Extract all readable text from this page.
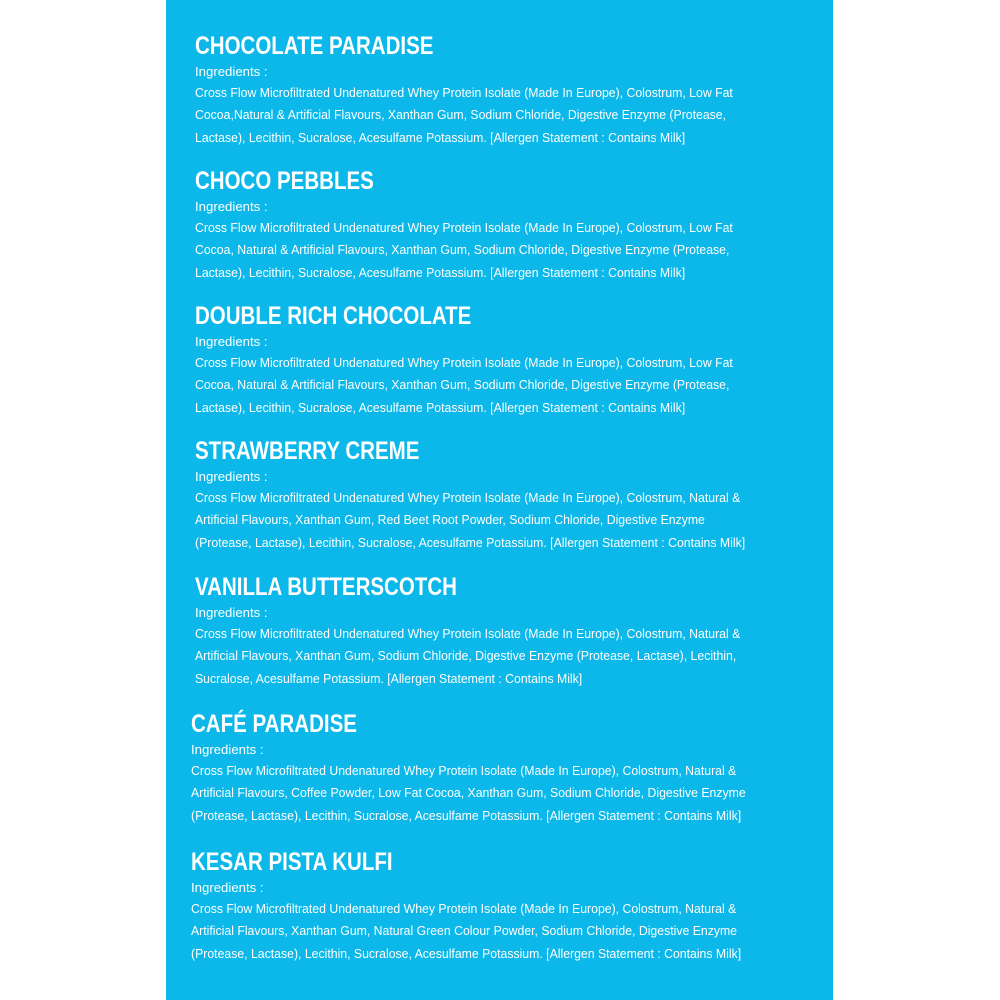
CHOCOLATE PARADISE
Ingredients :
Cross Flow Microfiltrated Undenatured Whey Protein Isolate (Made In Europe), Colostrum, Low Fat
Cocoa,Natural & Artificial Flavours, Xanthan Gum, Sodium Chloride, Digestive Enzyme (Protease,
Lactase), Lecithin, Sucralose, Acesulfame Potassium. [Allergen Statement : Contains Milk]
CHOCO PEBBLES
Ingredients :
Cross Flow Microfiltrated Undenatured Whey Protein Isolate (Made In Europe), Colostrum, Low Fat
Cocoa, Natural & Artificial Flavours, Xanthan Gum, Sodium Chloride, Digestive Enzyme (Protease,
Lactase), Lecithin, Sucralose, Acesulfame Potassium. [Allergen Statement : Contains Milk]
DOUBLE RICH CHOCOLATE
Ingredients :
Cross Flow Microfiltrated Undenatured Whey Protein Isolate (Made In Europe), Colostrum, Low Fat
Cocoa, Natural & Artificial Flavours, Xanthan Gum, Sodium Chloride, Digestive Enzyme (Protease,
Lactase), Lecithin, Sucralose, Acesulfame Potassium. [Allergen Statement : Contains Milk]
STRAWBERRY CREME
Ingredients :
Cross Flow Microfiltrated Undenatured Whey Protein Isolate (Made In Europe), Colostrum, Natural &
Artificial Flavours, Xanthan Gum, Red Beet Root Powder, Sodium Chloride, Digestive Enzyme
(Protease, Lactase), Lecithin, Sucralose, Acesulfame Potassium. [Allergen Statement : Contains Milk]
VANILLA BUTTERSCOTCH
Ingredients :
Cross Flow Microfiltrated Undenatured Whey Protein Isolate (Made In Europe), Colostrum, Natural &
Artificial Flavours, Xanthan Gum, Sodium Chloride, Digestive Enzyme (Protease, Lactase), Lecithin,
Sucralose, Acesulfame Potassium. [Allergen Statement : Contains Milk]
CAFÉ PARADISE
Ingredients :
Cross Flow Microfiltrated Undenatured Whey Protein Isolate (Made In Europe), Colostrum, Natural &
Artificial Flavours, Coffee Powder, Low Fat Cocoa, Xanthan Gum, Sodium Chloride, Digestive Enzyme
(Protease, Lactase), Lecithin, Sucralose, Acesulfame Potassium. [Allergen Statement : Contains Milk]
KESAR PISTA KULFI
Ingredients :
Cross Flow Microfiltrated Undenatured Whey Protein Isolate (Made In Europe), Colostrum, Natural &
Artificial Flavours, Xanthan Gum, Natural Green Colour Powder, Sodium Chloride, Digestive Enzyme
(Protease, Lactase), Lecithin, Sucralose, Acesulfame Potassium. [Allergen Statement : Contains Milk]
